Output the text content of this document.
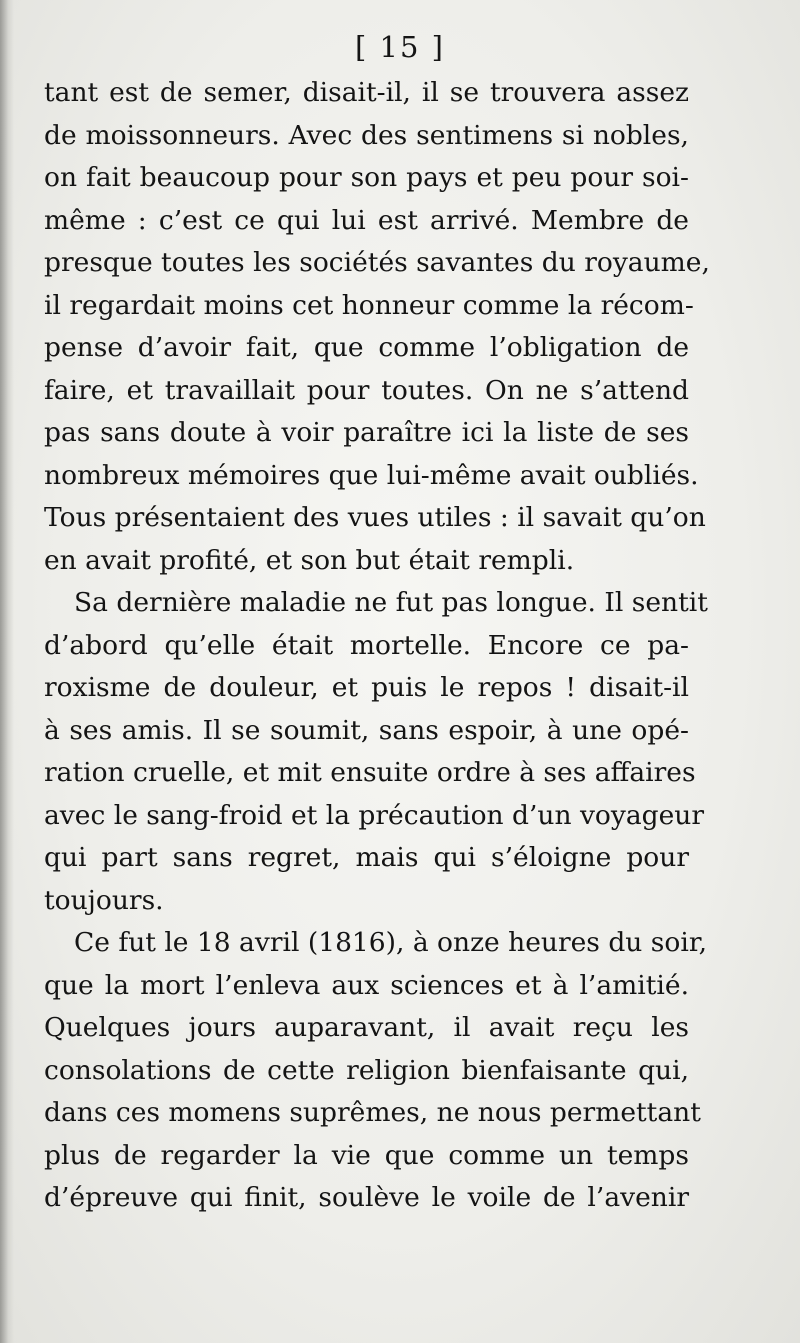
[ 15 ]
tant est de semer, disait-il, il se trouvera assez
de moissonneurs. Avec des sentimens si nobles,
on fait beaucoup pour son pays et peu pour soi-
même : c’est ce qui lui est arrivé. Membre de
presque toutes les sociétés savantes du royaume,
il regardait moins cet honneur comme la récom-
pense d’avoir fait, que comme l’obligation de
faire, et travaillait pour toutes. On ne s’attend
pas sans doute à voir paraître ici la liste de ses
nombreux mémoires que lui-même avait oubliés.
Tous présentaient des vues utiles : il savait qu’on
en avait profité, et son but était rempli.
Sa dernière maladie ne fut pas longue. Il sentit
d’abord qu’elle était mortelle. Encore ce pa-
roxisme de douleur, et puis le repos ! disait-il
à ses amis. Il se soumit, sans espoir, à une opé-
ration cruelle, et mit ensuite ordre à ses affaires
avec le sang-froid et la précaution d’un voyageur
qui part sans regret, mais qui s’éloigne pour
toujours.
Ce fut le 18 avril (1816), à onze heures du soir,
que la mort l’enleva aux sciences et à l’amitié.
Quelques jours auparavant, il avait reçu les
consolations de cette religion bienfaisante qui,
dans ces momens suprêmes, ne nous permettant
plus de regarder la vie que comme un temps
d’épreuve qui finit, soulève le voile de l’avenir
